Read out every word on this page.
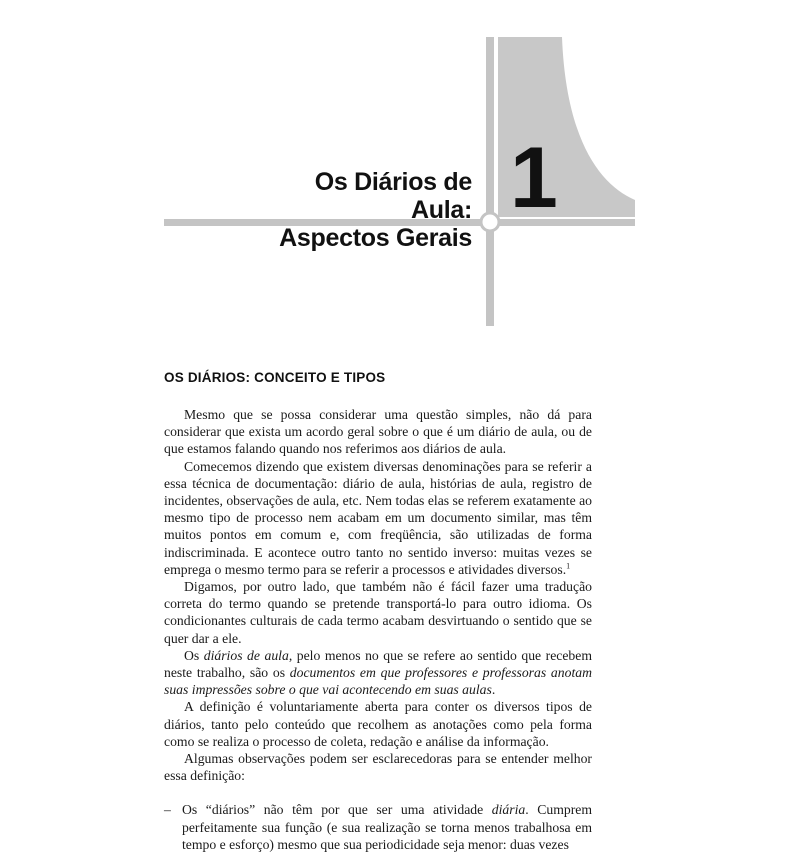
Os Diários de Aula:
Aspectos Gerais
1
OS DIÁRIOS: CONCEITO E TIPOS

Mesmo que se possa considerar uma questão simples, não dá para considerar que exista um acordo geral sobre o que é um diário de aula, ou de que estamos falando quando nos referimos aos diários de aula.

Comecemos dizendo que existem diversas denominações para se referir a essa técnica de documentação: diário de aula, histórias de aula, registro de incidentes, observações de aula, etc. Nem todas elas se referem exatamente ao mesmo tipo de processo nem acabam em um documento similar, mas têm muitos pontos em comum e, com freqüência, são utilizadas de forma indiscriminada. E acontece outro tanto no sentido inverso: muitas vezes se emprega o mesmo termo para se referir a processos e atividades diversos.$^1$

Digamos, por outro lado, que também não é fácil fazer uma tradução correta do termo quando se pretende transportá-lo para outro idioma. Os condicionantes culturais de cada termo acabam desvirtuando o sentido que se quer dar a ele.

Os diários de aula, pelo menos no que se refere ao sentido que recebem neste trabalho, são os documentos em que professores e professoras anotam suas impressões sobre o que vai acontecendo em suas aulas.

A definição é voluntariamente aberta para conter os diversos tipos de diários, tanto pelo conteúdo que recolhem as anotações como pela forma como se realiza o processo de coleta, redação e análise da informação.

Algumas observações podem ser esclarecedoras para se entender melhor essa definição:

– Os “diários” não têm por que ser uma atividade diária. Cumprem perfeitamente sua função (e sua realização se torna menos trabalhosa em tempo e esforço) mesmo que sua periodicidade seja menor: duas vezes
